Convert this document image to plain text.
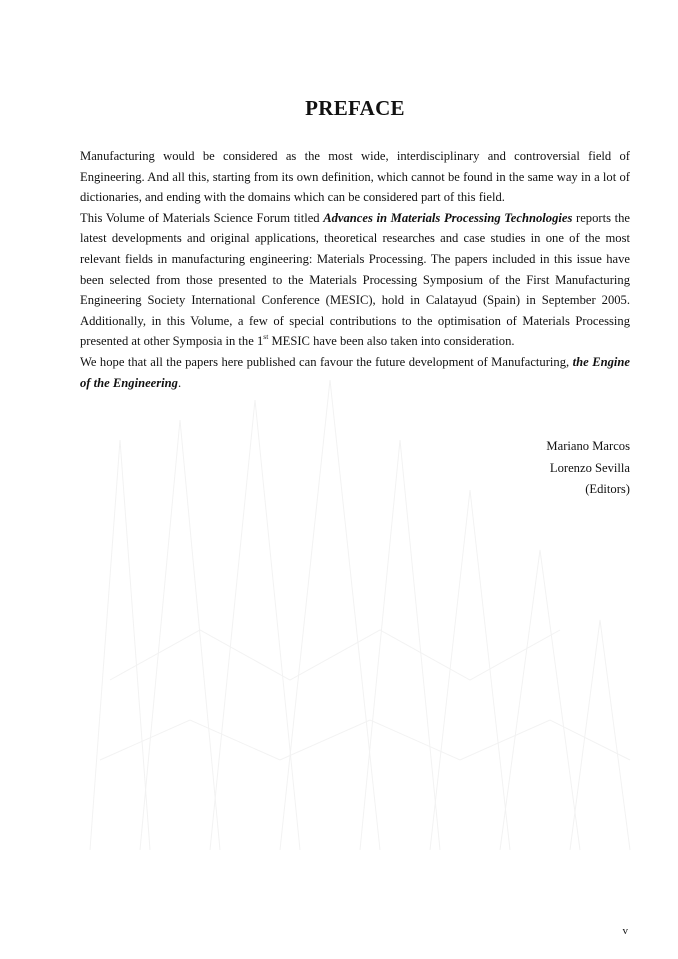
PREFACE

Manufacturing would be considered as the most wide, interdisciplinary and controversial field of Engineering. And all this, starting from its own definition, which cannot be found in the same way in a lot of dictionaries, and ending with the domains which can be considered part of this field.

This Volume of Materials Science Forum titled Advances in Materials Processing Technologies reports the latest developments and original applications, theoretical researches and case studies in one of the most relevant fields in manufacturing engineering: Materials Processing. The papers included in this issue have been selected from those presented to the Materials Processing Symposium of the First Manufacturing Engineering Society International Conference (MESIC), hold in Calatayud (Spain) in September 2005. Additionally, in this Volume, a few of special contributions to the optimisation of Materials Processing presented at other Symposia in the 1st MESIC have been also taken into consideration.

We hope that all the papers here published can favour the future development of Manufacturing, the Engine of the Engineering.

Mariano Marcos
Lorenzo Sevilla
(Editors)
v
